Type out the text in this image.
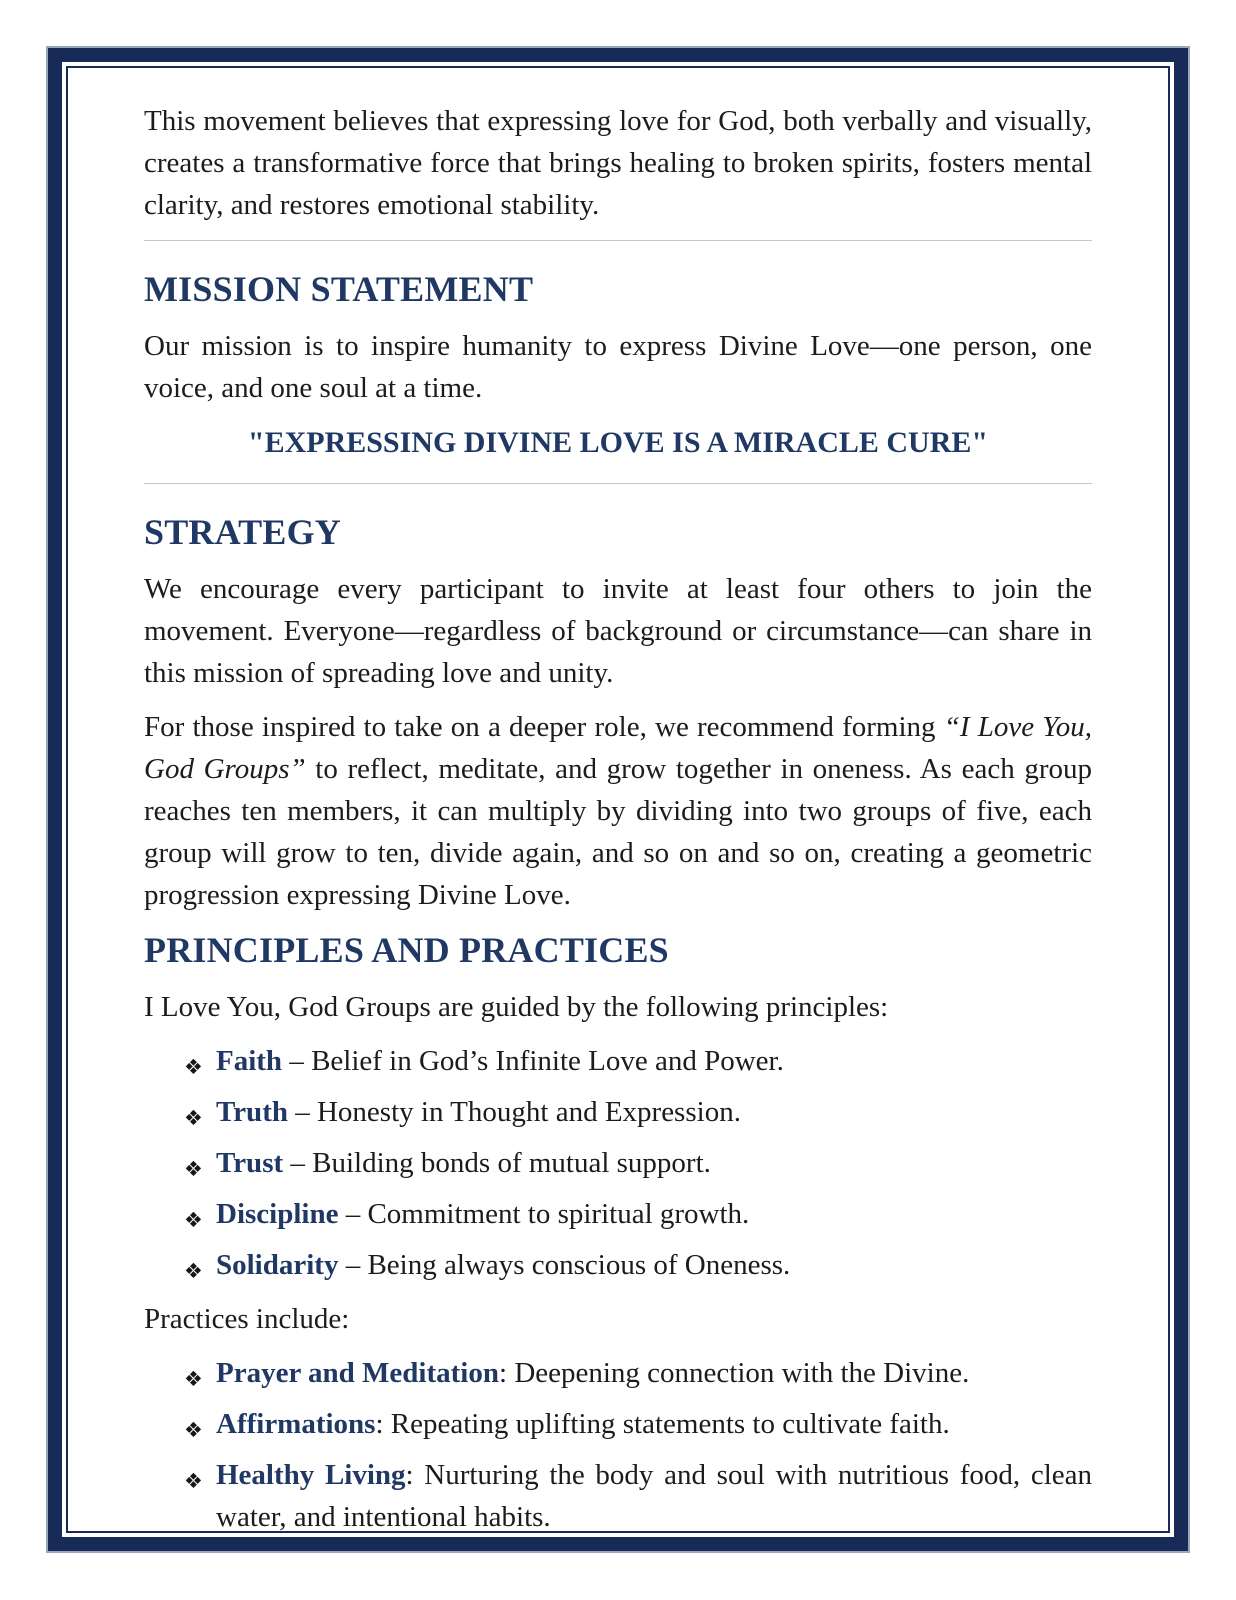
This movement believes that expressing love for God, both verbally and visually, creates a transformative force that brings healing to broken spirits, fosters mental clarity, and restores emotional stability.

MISSION STATEMENT

Our mission is to inspire humanity to express Divine Love—one person, one voice, and one soul at a time.

"EXPRESSING DIVINE LOVE IS A MIRACLE CURE"

STRATEGY

We encourage every participant to invite at least four others to join the movement. Everyone—regardless of background or circumstance—can share in this mission of spreading love and unity.

For those inspired to take on a deeper role, we recommend forming “I Love You, God Groups” to reflect, meditate, and grow together in oneness. As each group reaches ten members, it can multiply by dividing into two groups of five, each group will grow to ten, divide again, and so on and so on, creating a geometric progression expressing Divine Love.

PRINCIPLES AND PRACTICES

I Love You, God Groups are guided by the following principles:

❖ Faith – Belief in God’s Infinite Love and Power.
❖ Truth – Honesty in Thought and Expression.
❖ Trust – Building bonds of mutual support.
❖ Discipline – Commitment to spiritual growth.
❖ Solidarity – Being always conscious of Oneness.

Practices include:

❖ Prayer and Meditation: Deepening connection with the Divine.
❖ Affirmations: Repeating uplifting statements to cultivate faith.
❖ Healthy Living: Nurturing the body and soul with nutritious food, clean water, and intentional habits.
